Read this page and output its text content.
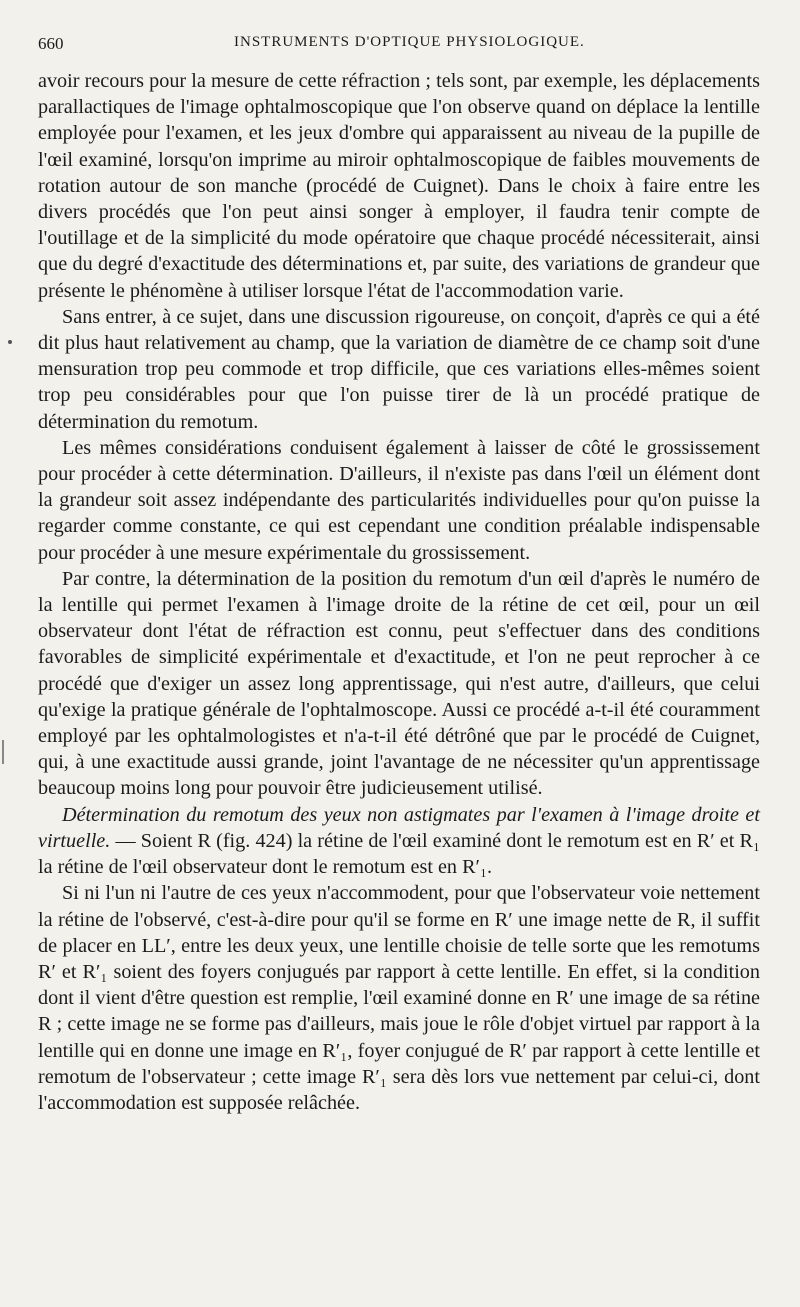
660	INSTRUMENTS D'OPTIQUE PHYSIOLOGIQUE.

avoir recours pour la mesure de cette réfraction ; tels sont, par exemple, les déplacements parallactiques de l'image ophtalmoscopique que l'on observe quand on déplace la lentille employée pour l'examen, et les jeux d'ombre qui apparaissent au niveau de la pupille de l'œil examiné, lorsqu'on imprime au miroir ophtalmoscopique de faibles mouvements de rotation autour de son manche (procédé de Cuignet). Dans le choix à faire entre les divers procédés que l'on peut ainsi songer à employer, il faudra tenir compte de l'outillage et de la simplicité du mode opératoire que chaque procédé nécessiterait, ainsi que du degré d'exactitude des déterminations et, par suite, des variations de grandeur que présente le phénomène à utiliser lorsque l'état de l'accommodation varie.

Sans entrer, à ce sujet, dans une discussion rigoureuse, on conçoit, d'après ce qui a été dit plus haut relativement au champ, que la variation de diamètre de ce champ soit d'une mensuration trop peu commode et trop difficile, que ces variations elles-mêmes soient trop peu considérables pour que l'on puisse tirer de là un procédé pratique de détermination du remotum.

Les mêmes considérations conduisent également à laisser de côté le grossissement pour procéder à cette détermination. D'ailleurs, il n'existe pas dans l'œil un élément dont la grandeur soit assez indépendante des particularités individuelles pour qu'on puisse la regarder comme constante, ce qui est cependant une condition préalable indispensable pour procéder à une mesure expérimentale du grossissement.

Par contre, la détermination de la position du remotum d'un œil d'après le numéro de la lentille qui permet l'examen à l'image droite de la rétine de cet œil, pour un œil observateur dont l'état de réfraction est connu, peut s'effectuer dans des conditions favorables de simplicité expérimentale et d'exactitude, et l'on ne peut reprocher à ce procédé que d'exiger un assez long apprentissage, qui n'est autre, d'ailleurs, que celui qu'exige la pratique générale de l'ophtalmoscope. Aussi ce procédé a-t-il été couramment employé par les ophtalmologistes et n'a-t-il été détrôné que par le procédé de Cuignet, qui, à une exactitude aussi grande, joint l'avantage de ne nécessiter qu'un apprentissage beaucoup moins long pour pouvoir être judicieusement utilisé.

Détermination du remotum des yeux non astigmates par l'examen à l'image droite et virtuelle. — Soient R (fig. 424) la rétine de l'œil examiné dont le remotum est en R′ et R₁ la rétine de l'œil observateur dont le remotum est en R′₁.

Si ni l'un ni l'autre de ces yeux n'accommodent, pour que l'observateur voie nettement la rétine de l'observé, c'est-à-dire pour qu'il se forme en R′ une image nette de R, il suffit de placer en LL′, entre les deux yeux, une lentille choisie de telle sorte que les remotums R′ et R′₁ soient des foyers conjugués par rapport à cette lentille. En effet, si la condition dont il vient d'être question est remplie, l'œil examiné donne en R′ une image de sa rétine R ; cette image ne se forme pas d'ailleurs, mais joue le rôle d'objet virtuel par rapport à la lentille qui en donne une image en R′₁, foyer conjugué de R′ par rapport à cette lentille et remotum de l'observateur ; cette image R′₁ sera dès lors vue nettement par celui-ci, dont l'accommodation est supposée relâchée.
